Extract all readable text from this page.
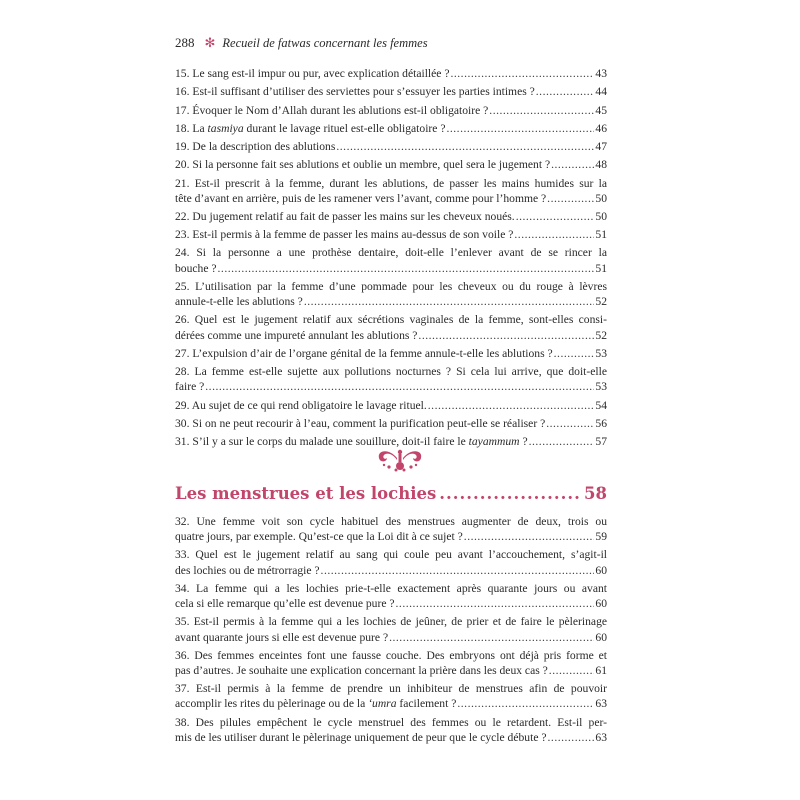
288 ✻ Recueil de fatwas concernant les femmes
15. Le sang est-il impur ou pur, avec explication détaillée ? .....	43
16. Est-il suffisant d’utiliser des serviettes pour s’essuyer les parties intimes ? .....	44
17. Évoquer le Nom d’Allah durant les ablutions est-il obligatoire ? .....	45
18. La tasmiya durant le lavage rituel est-elle obligatoire ? .....	46
19. De la description des ablutions .....	47
20. Si la personne fait ses ablutions et oublie un membre, quel sera le jugement ? .....	48
21. Est-il prescrit à la femme, durant les ablutions, de passer les mains humides sur la
tête d’avant en arrière, puis de les ramener vers l’avant, comme pour l’homme ? .....	50
22. Du jugement relatif au fait de passer les mains sur les cheveux noués. .....	50
23. Est-il permis à la femme de passer les mains au-dessus de son voile ? .....	51
24. Si la personne a une prothèse dentaire, doit-elle l’enlever avant de se rincer la
bouche ? .....	51
25. L’utilisation par la femme d’une pommade pour les cheveux ou du rouge à lèvres
annule-t-elle les ablutions ? .....	52
26. Quel est le jugement relatif aux sécrétions vaginales de la femme, sont-elles consi-
dérées comme une impureté annulant les ablutions ? .....	52
27. L’expulsion d’air de l’organe génital de la femme annule-t-elle les ablutions ? .....	53
28. La femme est-elle sujette aux pollutions nocturnes ? Si cela lui arrive, que doit-elle
faire ? .....	53
29. Au sujet de ce qui rend obligatoire le lavage rituel. .....	54
30. Si on ne peut recourir à l’eau, comment la purification peut-elle se réaliser ? .....	56
31. S’il y a sur le corps du malade une souillure, doit-il faire le tayammum ? .....	57
Les menstrues et les lochies .....	58
32. Une femme voit son cycle habituel des menstrues augmenter de deux, trois ou
quatre jours, par exemple. Qu’est-ce que la Loi dit à ce sujet ? .....	59
33. Quel est le jugement relatif au sang qui coule peu avant l’accouchement, s’agit-il
des lochies ou de métrorragie ? .....	60
34. La femme qui a les lochies prie-t-elle exactement après quarante jours ou avant
cela si elle remarque qu’elle est devenue pure ? .....	60
35. Est-il permis à la femme qui a les lochies de jeûner, de prier et de faire le pèlerinage
avant quarante jours si elle est devenue pure ? .....	60
36. Des femmes enceintes font une fausse couche. Des embryons ont déjà pris forme et
pas d’autres. Je souhaite une explication concernant la prière dans les deux cas ? .....	61
37. Est-il permis à la femme de prendre un inhibiteur de menstrues afin de pouvoir
accomplir les rites du pèlerinage ou de la ‘umra facilement ? .....	63
38. Des pilules empêchent le cycle menstruel des femmes ou le retardent. Est-il per-
mis de les utiliser durant le pèlerinage uniquement de peur que le cycle débute ? .....	63
